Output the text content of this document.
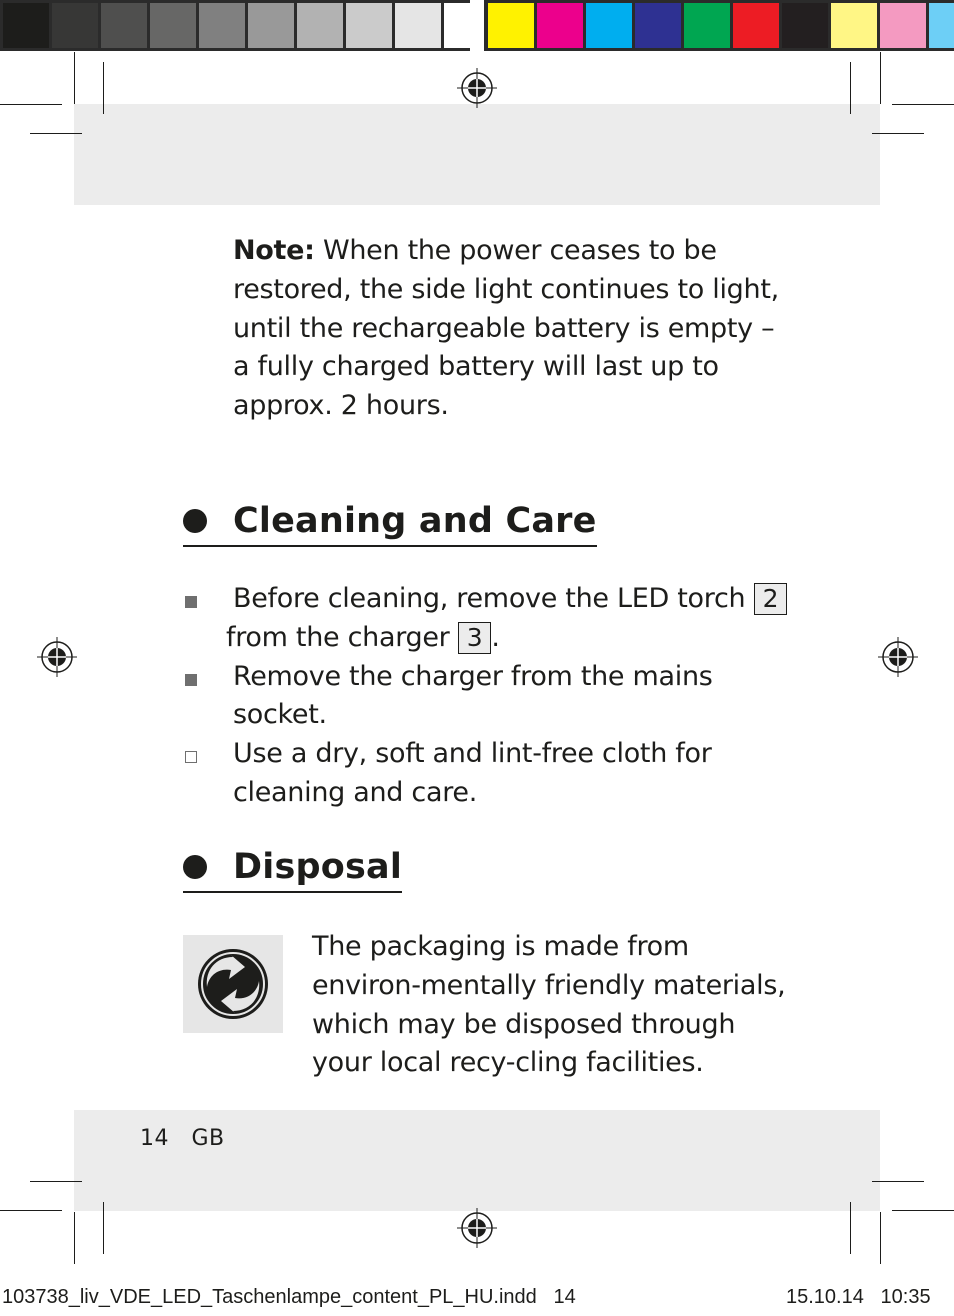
Note: When the power ceases to be restored, the side light continues to light, until the rechargeable battery is empty – a fully charged battery will last up to approx. 2 hours.
Cleaning and Care
Before cleaning, remove the LED torch 2
from the charger 3 .
Remove the charger from the mains socket.
Use a dry, soft and lint-free cloth for cleaning and care.
Disposal
The packaging is made from environ-mentally friendly materials, which may be disposed through your local recy-cling facilities.
14 GB
103738_liv_VDE_LED_Taschenlampe_content_PL_HU.indd   14	15.10.14   10:35
